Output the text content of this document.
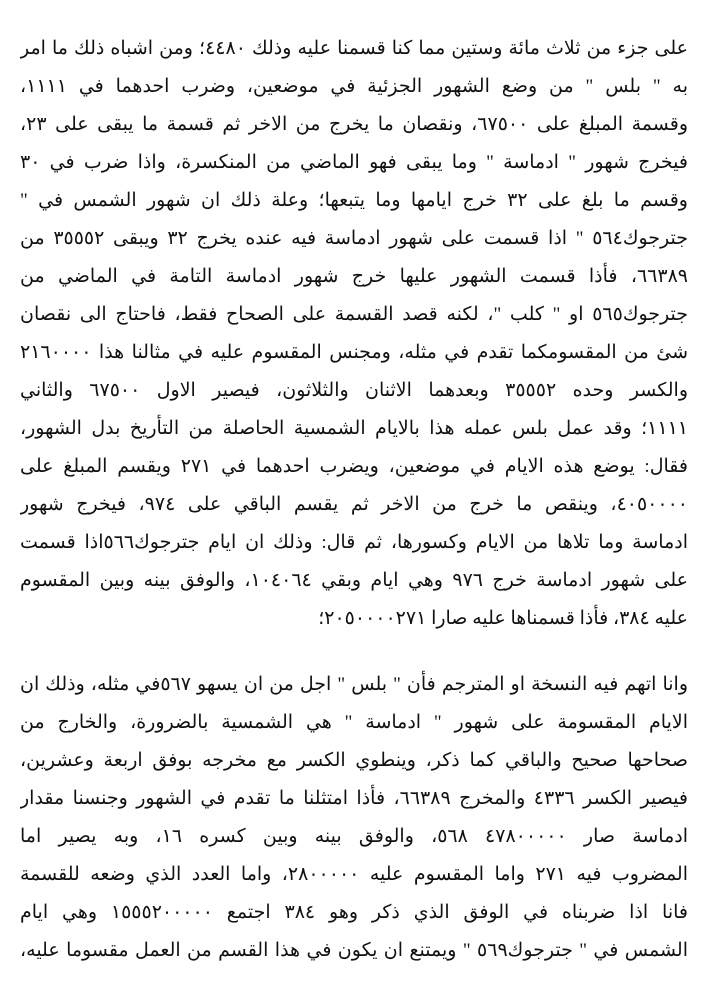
على جزء من ثلاث مائة وستين مما كنا قسمنا عليه وذلك ٤٤٨٠؛ ومن اشباه ذلك ما امر
به " بلس " من وضع الشهور الجزئية في موضعين، وضرب احدهما في ١١١١،
وقسمة المبلغ على ٦٧٥٠٠، ونقصان ما يخرج من الاخر ثم قسمة ما يبقى على ٢٣،
فيخرج شهور " ادماسة " وما يبقى فهو الماضي من المنكسرة، واذا ضرب في ٣٠
وقسم ما بلغ على ٣٢ خرج ايامها وما يتبعها؛ وعلة ذلك ان شهور الشمس في "
جترجوك٥٦٤ " اذا قسمت على شهور ادماسة فيه عنده يخرج ٣٢ ويبقى ٣٥٥٥٢ من
٦٦٣٨٩، فأذا قسمت الشهور عليها خرج شهور ادماسة التامة في الماضي من
جترجوك٥٦٥ او " كلب "، لكنه قصد القسمة على الصحاح فقط، فاحتاج الى نقصان
شئ من المقسومكما تقدم في مثله، ومجنس المقسوم عليه في مثالنا هذا ٢١٦٠٠٠٠
والكسر وحده ٣٥٥٥٢ وبعدهما الاثنان والثلاثون، فيصير الاول ٦٧٥٠٠ والثاني
١١١١؛ وقد عمل بلس عمله هذا بالايام الشمسية الحاصلة من التأريخ بدل الشهور،
فقال: يوضع هذه الايام في موضعين، ويضرب احدهما في ٢٧١ ويقسم المبلغ على
٤٠٥٠٠٠٠، وينقص ما خرج من الاخر ثم يقسم الباقي على ٩٧٤، فيخرج شهور
ادماسة وما تلاها من الايام وكسورها، ثم قال: وذلك ان ايام جترجوك٥٦٦اذا قسمت
على شهور ادماسة خرج ٩٧٦ وهي ايام وبقي ١٠٤٠٦٤، والوفق بينه وبين المقسوم
عليه ٣٨٤، فأذا قسمناها عليه صارا ٢٠٥٠٠٠٠٢٧١؛
وانا اتهم فيه النسخة او المترجم فأن " بلس " اجل من ان يسهو ٥٦٧في مثله، وذلك ان
الايام المقسومة على شهور " ادماسة " هي الشمسية بالضرورة، والخارج من
صحاحها صحيح والباقي كما ذكر، وينطوي الكسر مع مخرجه بوفق اربعة وعشرين،
فيصير الكسر ٤٣٣٦ والمخرج ٦٦٣٨٩، فأذا امتثلنا ما تقدم في الشهور وجنسنا مقدار
ادماسة صار ٤٧٨٠٠٠٠٠ ٥٦٨، والوفق بينه وبين كسره ١٦، وبه يصير اما
المضروب فيه ٢٧١ واما المقسوم عليه ٢٨٠٠٠٠٠، واما العدد الذي وضعه للقسمة
فانا اذا ضربناه في الوفق الذي ذكر وهو ٣٨٤ اجتمع ١٥٥٥٢٠٠٠٠٠ وهي ايام
الشمس في " جترجوك٥٦٩ " ويمتنع ان يكون في هذا القسم من العمل مقسوما عليه،
